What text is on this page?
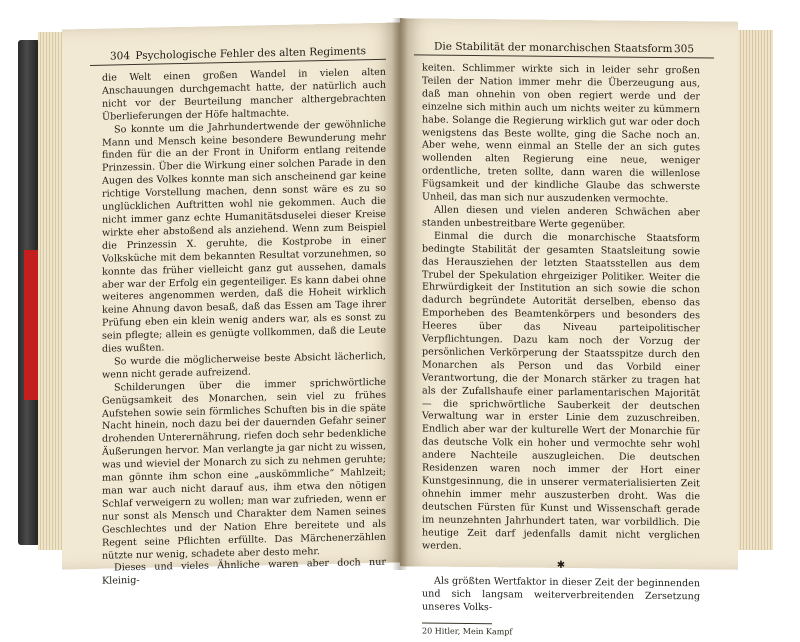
304 Psychologische Fehler des alten Regiments

die Welt einen großen Wandel in vielen alten Anschauungen durchgemacht hatte, der natürlich auch nicht vor der Beurteilung mancher althergebrachten Überlieferungen der Höfe haltmachte.

So konnte um die Jahrhundertwende der gewöhnliche Mann und Mensch keine besondere Bewunderung mehr finden für die an der Front in Uniform entlang reitende Prinzessin. Über die Wirkung einer solchen Parade in den Augen des Volkes konnte man sich anscheinend gar keine richtige Vorstellung machen, denn sonst wäre es zu so unglücklichen Auftritten wohl nie gekommen. Auch die nicht immer ganz echte Humanitätsduselei dieser Kreise wirkte eher abstoßend als anziehend. Wenn zum Beispiel die Prinzessin X. geruhte, die Kostprobe in einer Volksküche mit dem bekannten Resultat vorzunehmen, so konnte das früher vielleicht ganz gut aussehen, damals aber war der Erfolg ein gegenteiliger. Es kann dabei ohne weiteres angenommen werden, daß die Hoheit wirklich keine Ahnung davon besaß, daß das Essen am Tage ihrer Prüfung eben ein klein wenig anders war, als es sonst zu sein pflegte; allein es genügte vollkommen, daß die Leute dies wußten.

So wurde die möglicherweise beste Absicht lächerlich, wenn nicht gerade aufreizend.

Schilderungen über die immer sprichwörtliche Genügsamkeit des Monarchen, sein viel zu frühes Aufstehen sowie sein förmliches Schuften bis in die späte Nacht hinein, noch dazu bei der dauernden Gefahr seiner drohenden Unterernährung, riefen doch sehr bedenkliche Äußerungen hervor. Man verlangte ja gar nicht zu wissen, was und wieviel der Monarch zu sich zu nehmen geruhte; man gönnte ihm schon eine „auskömmliche“ Mahlzeit; man war auch nicht darauf aus, ihm etwa den nötigen Schlaf verweigern zu wollen; man war zufrieden, wenn er nur sonst als Mensch und Charakter dem Namen seines Geschlechtes und der Nation Ehre bereitete und als Regent seine Pflichten erfüllte. Das Märchenerzählen nützte nur wenig, schadete aber desto mehr.

Dieses und vieles Ähnliche waren aber doch nur Kleinig-

Die Stabilität der monarchischen Staatsform 305

keiten. Schlimmer wirkte sich in leider sehr großen Teilen der Nation immer mehr die Überzeugung aus, daß man ohnehin von oben regiert werde und der einzelne sich mithin auch um nichts weiter zu kümmern habe. Solange die Regierung wirklich gut war oder doch wenigstens das Beste wollte, ging die Sache noch an. Aber wehe, wenn einmal an Stelle der an sich gutes wollenden alten Regierung eine neue, weniger ordentliche, treten sollte, dann waren die willenlose Fügsamkeit und der kindliche Glaube das schwerste Unheil, das man sich nur auszudenken vermochte.

Allen diesen und vielen anderen Schwächen aber standen unbestreitbare Werte gegenüber.

Einmal die durch die monarchische Staatsform bedingte Stabilität der gesamten Staatsleitung sowie das Herausziehen der letzten Staatsstellen aus dem Trubel der Spekulation ehrgeiziger Politiker. Weiter die Ehrwürdigkeit der Institution an sich sowie die schon dadurch begründete Autorität derselben, ebenso das Emporheben des Beamtenkörpers und besonders des Heeres über das Niveau parteipolitischer Verpflichtungen. Dazu kam noch der Vorzug der persönlichen Verkörperung der Staatsspitze durch den Monarchen als Person und das Vorbild einer Verantwortung, die der Monarch stärker zu tragen hat als der Zufallshaufe einer parlamentarischen Majorität — die sprichwörtliche Sauberkeit der deutschen Verwaltung war in erster Linie dem zuzuschreiben. Endlich aber war der kulturelle Wert der Monarchie für das deutsche Volk ein hoher und vermochte sehr wohl andere Nachteile auszugleichen. Die deutschen Residenzen waren noch immer der Hort einer Kunstgesinnung, die in unserer vermaterialisierten Zeit ohnehin immer mehr auszusterben droht. Was die deutschen Fürsten für Kunst und Wissenschaft gerade im neunzehnten Jahrhundert taten, war vorbildlich. Die heutige Zeit darf jedenfalls damit nicht verglichen werden.

✱

Als größten Wertfaktor in dieser Zeit der beginnenden und sich langsam weiterverbreitenden Zersetzung unseres Volks-

20 Hitler, Mein Kampf
